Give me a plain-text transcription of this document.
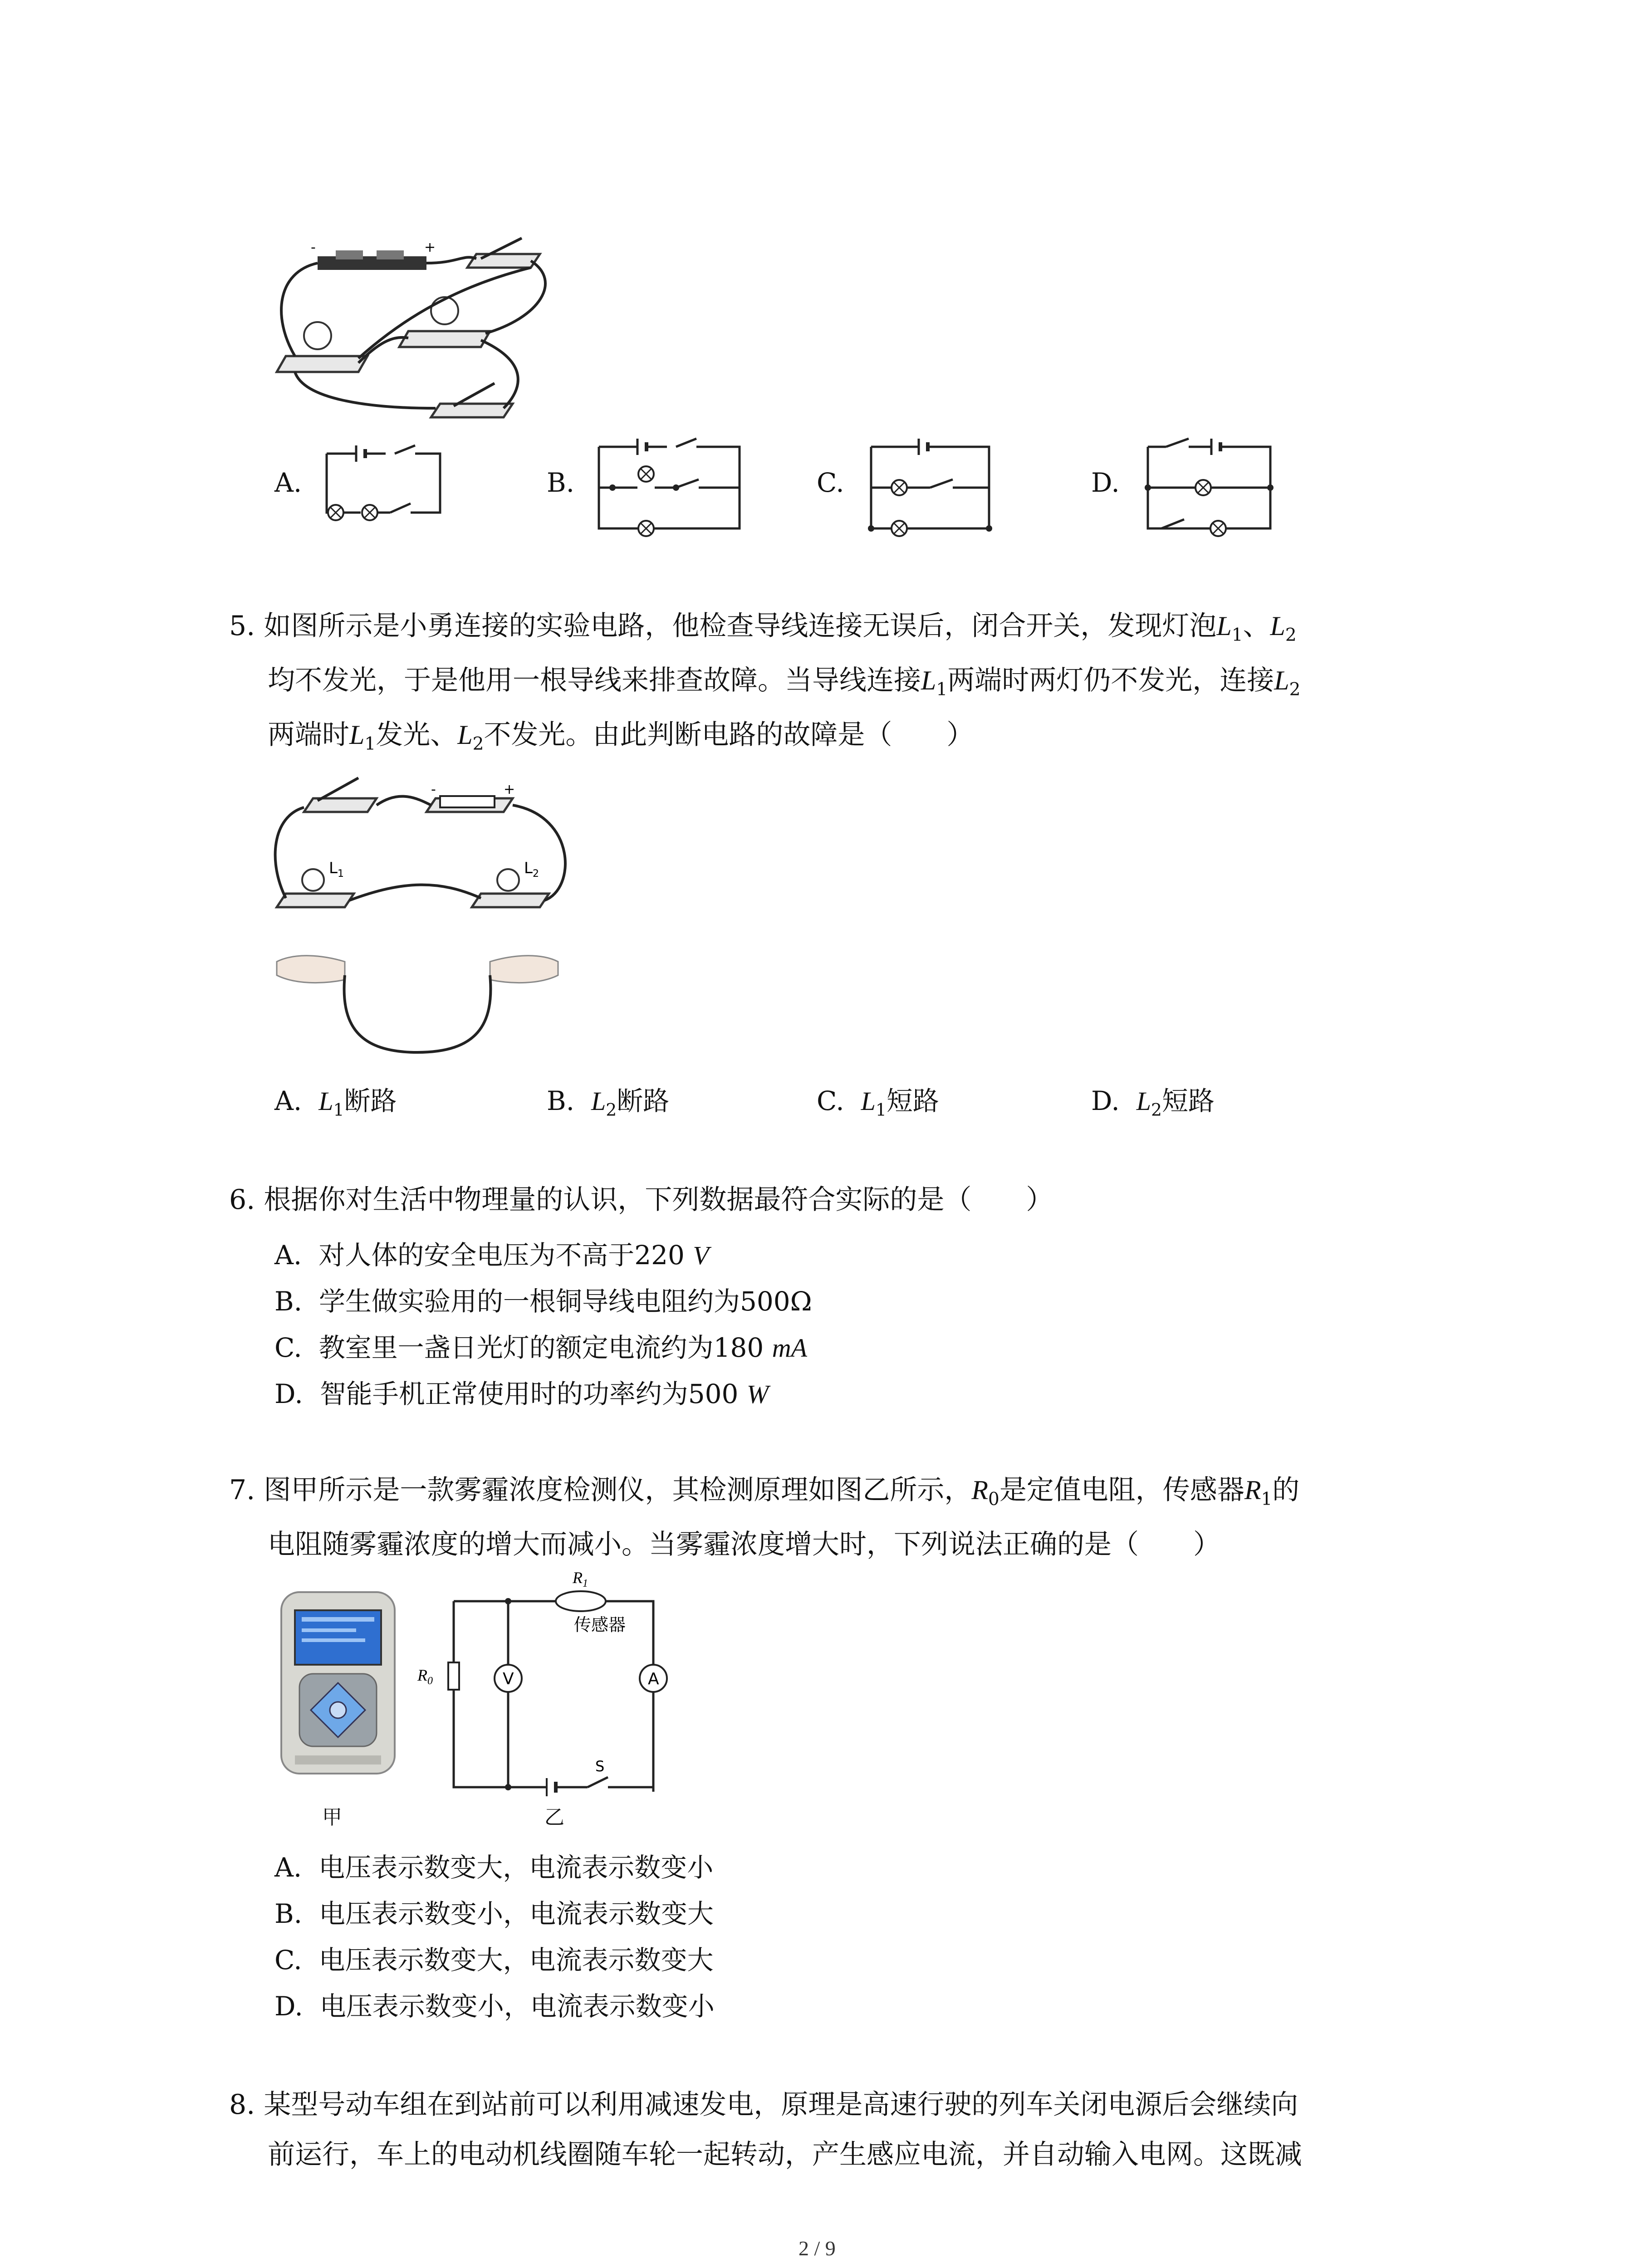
-	+
A.	B.	C.	D.
5. 如图所示是小勇连接的实验电路，他检查导线连接无误后，闭合开关，发现灯泡$L_1$、$L_2$
均不发光，于是他用一根导线来排查故障。当导线连接$L_1$两端时两灯仍不发光，连接$L_2$
两端时$L_1$发光、$L_2$不发光。由此判断电路的故障是（　　）
-	+
$L_1$	$L_2$
A. $L_1$断路	B. $L_2$断路	C. $L_1$短路	D. $L_2$短路
6. 根据你对生活中物理量的认识，下列数据最符合实际的是（　　）
A. 对人体的安全电压为不高于220 V
B. 学生做实验用的一根铜导线电阻约为500Ω
C. 教室里一盏日光灯的额定电流约为180 mA
D. 智能手机正常使用时的功率约为500 W
7. 图甲所示是一款雾霾浓度检测仪，其检测原理如图乙所示，$R_0$是定值电阻，传感器$R_1$的
电阻随雾霾浓度的增大而减小。当雾霾浓度增大时，下列说法正确的是（　　）
甲
$R_1$
传感器
$R_0$	V	A
S
乙
A. 电压表示数变大，电流表示数变小
B. 电压表示数变小，电流表示数变大
C. 电压表示数变大，电流表示数变大
D. 电压表示数变小，电流表示数变小
8. 某型号动车组在到站前可以利用减速发电，原理是高速行驶的列车关闭电源后会继续向
前运行，车上的电动机线圈随车轮一起转动，产生感应电流，并自动输入电网。这既减
2 / 9
